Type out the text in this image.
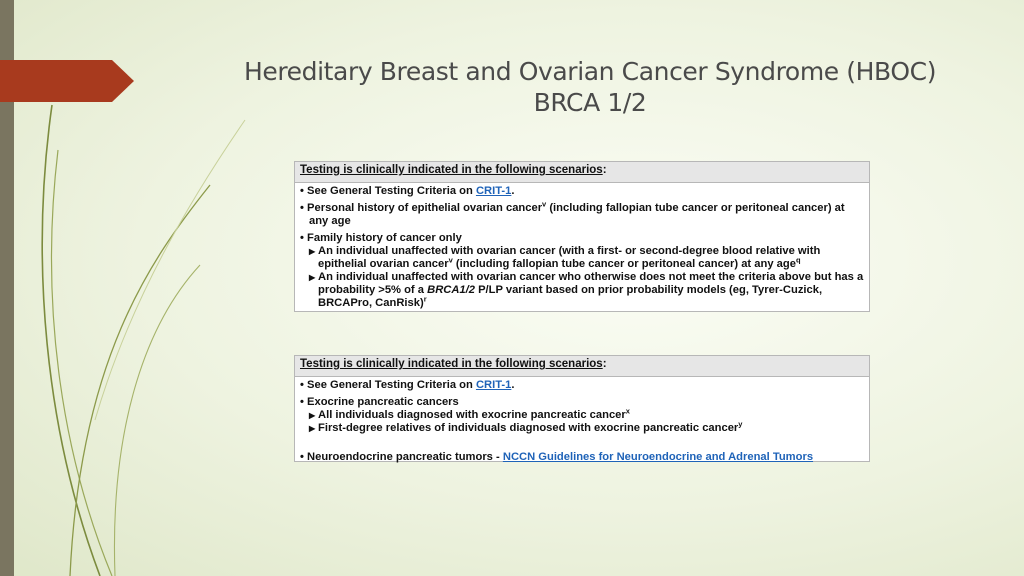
Hereditary Breast and Ovarian Cancer Syndrome (HBOC)
BRCA 1/2
Testing is clinically indicated in the following scenarios:
• See General Testing Criteria on CRIT-1.
• Personal history of epithelial ovarian cancer$^v$ (including fallopian tube cancer or peritoneal cancer) at any age
• Family history of cancer only
▶ An individual unaffected with ovarian cancer (with a first- or second-degree blood relative with epithelial ovarian cancer$^v$ (including fallopian tube cancer or peritoneal cancer) at any age$^q$
▶ An individual unaffected with ovarian cancer who otherwise does not meet the criteria above but has a probability >5% of a BRCA1/2 P/LP variant based on prior probability models (eg, Tyrer-Cuzick, BRCAPro, CanRisk)$^r$
Testing is clinically indicated in the following scenarios:
• See General Testing Criteria on CRIT-1.
• Exocrine pancreatic cancers
▶ All individuals diagnosed with exocrine pancreatic cancer$^x$
▶ First-degree relatives of individuals diagnosed with exocrine pancreatic cancer$^y$
• Neuroendocrine pancreatic tumors - NCCN Guidelines for Neuroendocrine and Adrenal Tumors
